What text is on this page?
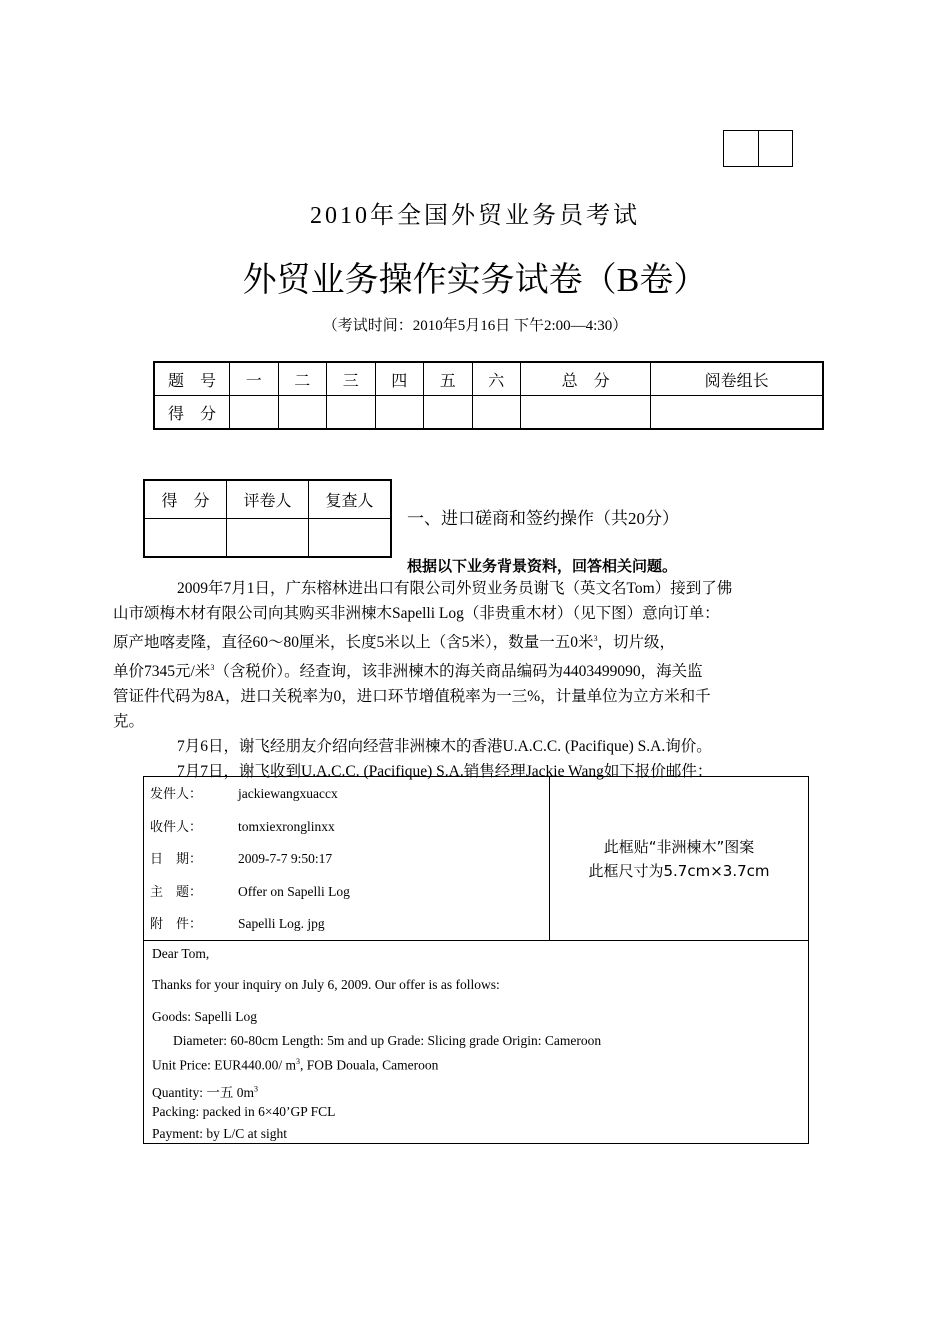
2010年全国外贸业务员考试
外贸业务操作实务试卷（B卷）
（考试时间：2010年5月16日 下午2:00—4:30）
题　号	一	二	三	四	五	六	总　分	阅卷组长
得　分								
得　分	评卷人	复查人

一、进口磋商和签约操作（共20分）
根据以下业务背景资料，回答相关问题。

2009年7月1日，广东榕林进出口有限公司外贸业务员谢飞（英文名Tom）接到了佛
山市颂梅木材有限公司向其购买非洲楝木Sapelli Log（非贵重木材）（见下图）意向订单：
原产地喀麦隆，直径60～80厘米，长度5米以上（含5米），数量一五0米$^3$，切片级，
单价7345元/米$^3$（含税价）。经查询，该非洲楝木的海关商品编码为4403499090，海关监
管证件代码为8A，进口关税率为0，进口环节增值税率为一三%，计量单位为立方米和千
克。

7月6日，谢飞经朋友介绍向经营非洲楝木的香港U.A.C.C. (Pacifique) S.A.询价。

7月7日，谢飞收到U.A.C.C. (Pacifique) S.A.销售经理Jackie Wang如下报价邮件：

发件人：	jackiewangxuaccx
收件人：	tomxiexronglinxx
日　期：	2009-7-7 9:50:17
主　题：	Offer on Sapelli Log
附　件：	Sapelli Log. jpg
此框贴“非洲楝木”图案
此框尺寸为5.7cm×3.7cm
Dear Tom,
Thanks for your inquiry on July 6, 2009. Our offer is as follows:
Goods: Sapelli Log
Diameter: 60-80cm Length: 5m and up Grade: Slicing grade Origin: Cameroon
Unit Price: EUR440.00/ $m^3$, FOB Douala, Cameroon
Quantity: 一五 $0m^3$
Packing: packed in 6×40’GP FCL
Payment: by L/C at sight
